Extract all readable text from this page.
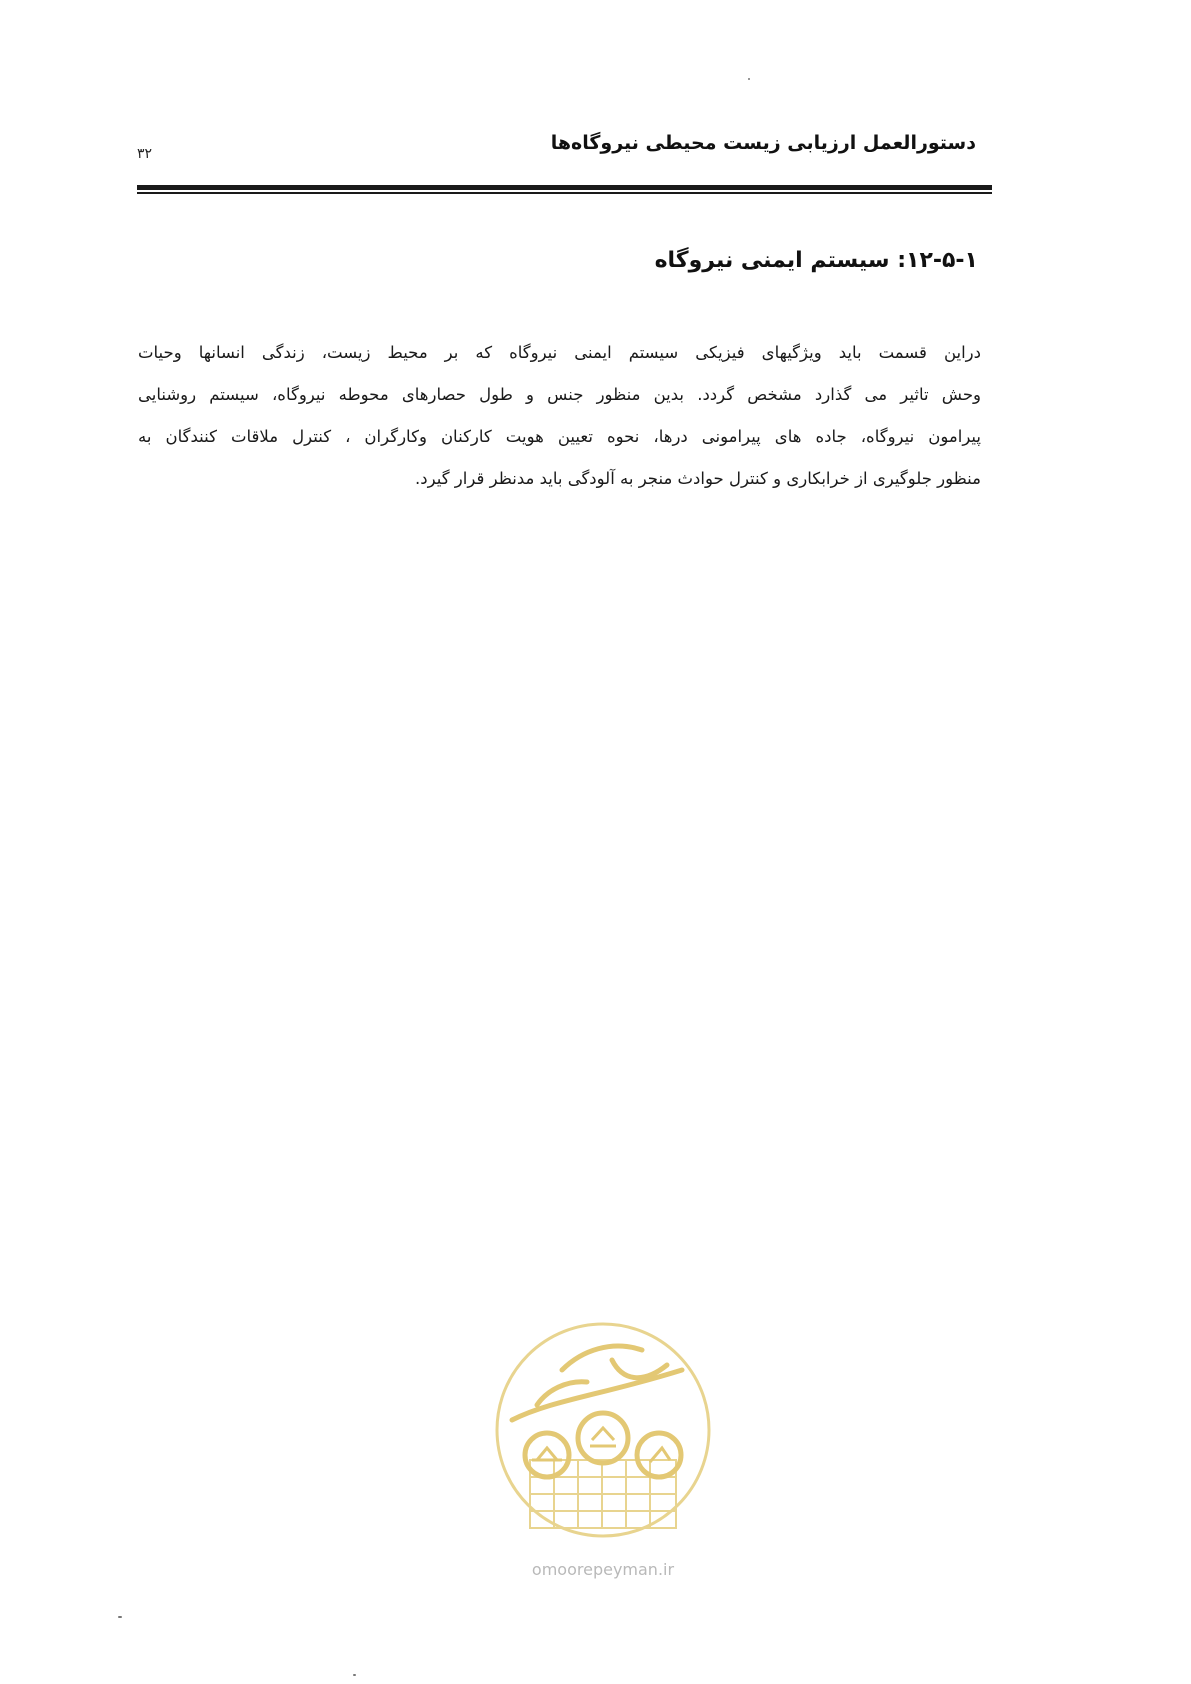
دستورالعمل ارزیابی زیست محیطی نیروگاه‌ها
۳۲
۱۲-۵-۱: سیستم ایمنی نیروگاه
دراین قسمت باید ویژگیهای فیزیکی سیستم ایمنی نیروگاه که بر محیط زیست، زندگی انسانها وحیات
وحش تاثیر می گذارد مشخص گردد. بدین منظور جنس و طول حصارهای محوطه نیروگاه، سیستم روشنایی
پیرامون نیروگاه، جاده های پیرامونی درها، نحوه تعیین هویت کارکنان وکارگران ، کنترل ملاقات کنندگان به
منظور جلوگیری از خرابکاری و کنترل حوادث منجر به آلودگی باید مدنظر قرار گیرد.
omoorepeyman.ir
